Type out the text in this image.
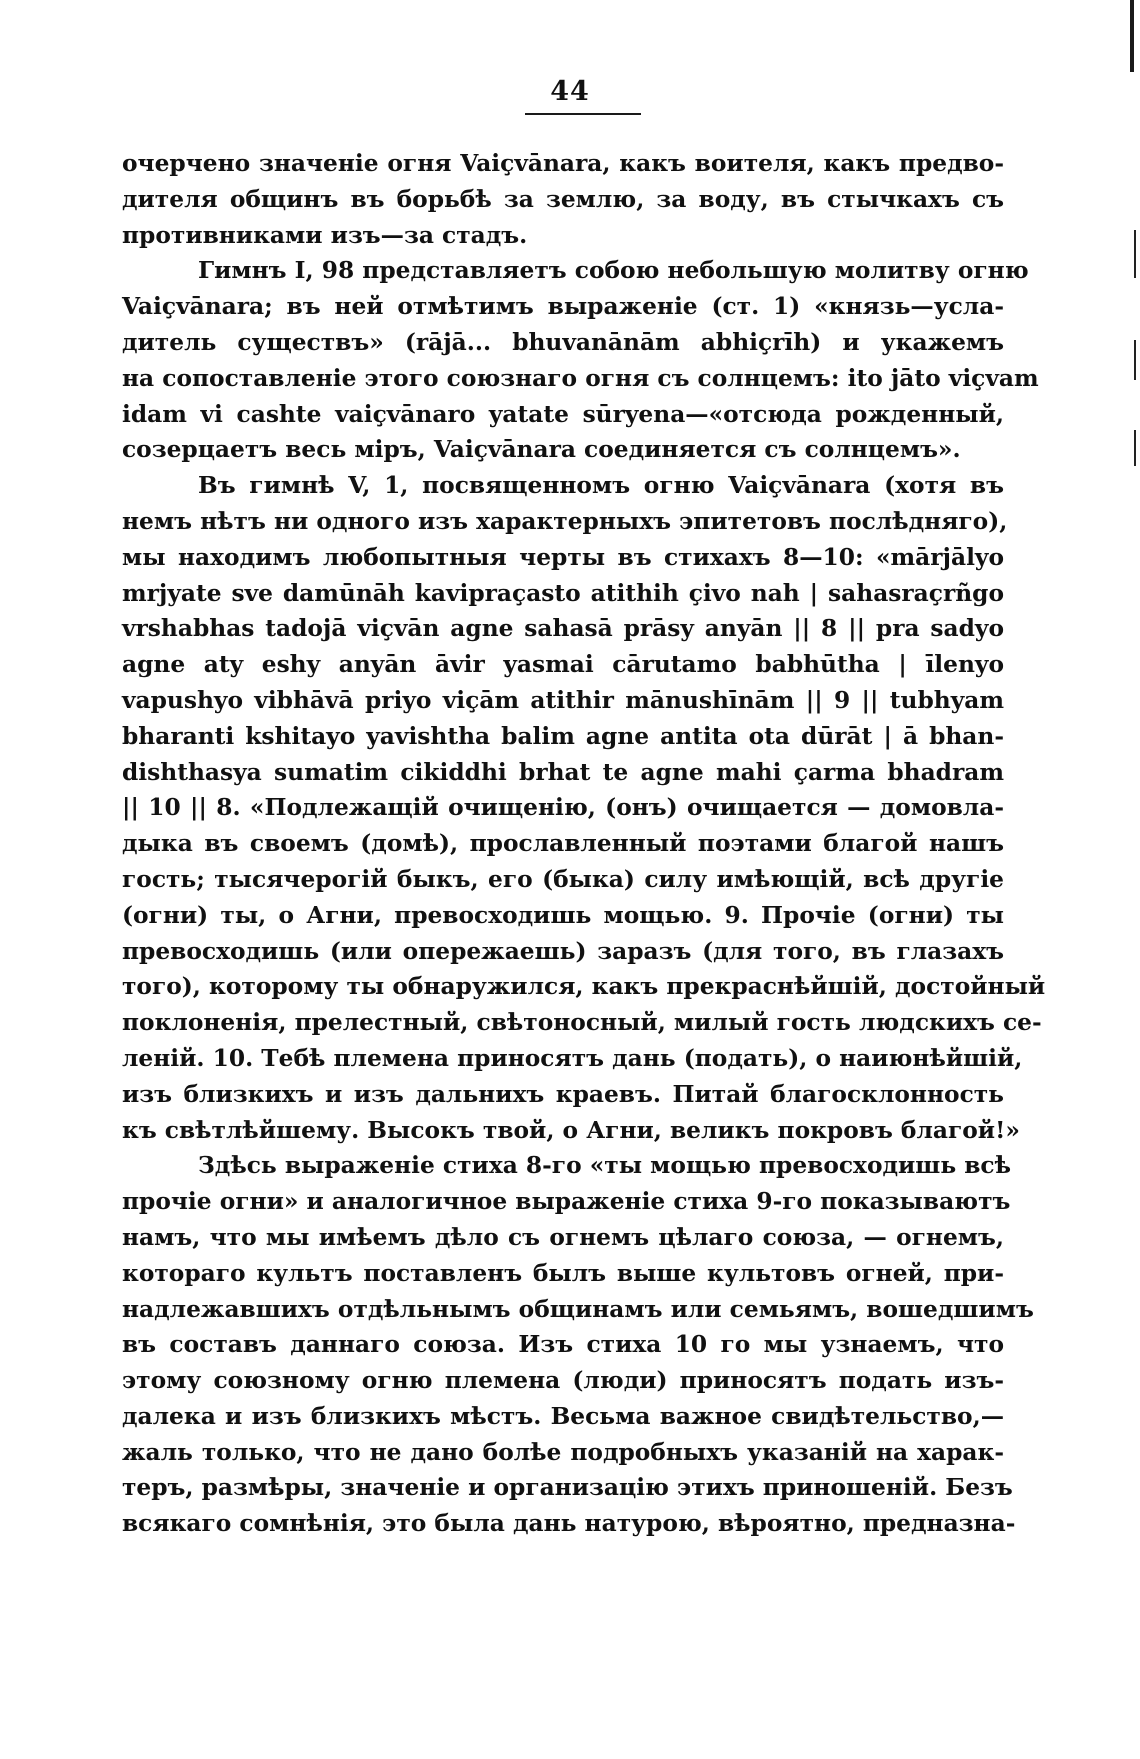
44
очерчено значеніе огня Vaiçvānara, какъ воителя, какъ предво-
дителя общинъ въ борьбѣ за землю, за воду, въ стычкахъ съ
противниками изъ—за стадъ.
Гимнъ I, 98 представляетъ собою небольшую молитву огню
Vaiçvānara; въ ней отмѣтимъ выраженіе (ст. 1) «князь—услa-
дитель существъ» (rājā... bhuvanānām abhiçrīh) и укажемъ
на сопоставленіе этого союзнаго огня съ солнцемъ: ito jāto viçvam
idam vi cashte vaiçvānaro yatate sūryena—«отсюда рожденный,
созерцаетъ весь міръ, Vaiçvānara соединяется съ солнцемъ».
Въ гимнѣ V, 1, посвященномъ огню Vaiçvānara (хотя въ
немъ нѣтъ ни одного изъ характерныхъ эпитетовъ послѣдняго),
мы находимъ любопытныя черты въ стихахъ 8—10: «mārjālyo
mrjyate sve damūnāh kavipraçasto atithih çivo nah | sahasraçrñgo
vrshabhas tadojā viçvān agne sahasā prāsy anyān || 8 || pra sadyo
agne aty eshy anyān āvir yasmai cārutamo babhūtha | īlenyo
vapushyo vibhāvā priyo viçām atithir mānushīnām || 9 || tubhyam
bharanti kshitayo yavishtha balim agne antita ota dūrāt | ā bhan-
dishthasya sumatim cikiddhi brhat te agne mahi çarma bhadram
|| 10 || 8. «Подлежащій очищенію, (онъ) очищается — домовла-
дыка въ своемъ (домѣ), прославленный поэтами благой нашъ
гость; тысячерогій быкъ, его (быка) силу имѣющій, всѣ другіе
(огни) ты, о Агни, превосходишь мощью. 9. Прочіе (огни) ты
превосходишь (или опережаешь) заразъ (для того, въ глазахъ
того), которому ты обнаружился, какъ прекраснѣйшій, достойный
поклоненія, прелестный, свѣтоносный, милый гость людскихъ се-
леній. 10. Тебѣ племена приносятъ дань (подать), о наиюнѣйшій,
изъ близкихъ и изъ дальнихъ краевъ. Питай благосклонность
къ свѣтлѣйшему. Высокъ твой, о Агни, великъ покровъ благой!»
Здѣсь выраженіе стиха 8-го «ты мощью превосходишь всѣ
прочіе огни» и аналогичное выраженіе стиха 9-го показываютъ
намъ, что мы имѣемъ дѣло съ огнемъ цѣлаго союза, — огнемъ,
котораго культъ поставленъ былъ выше культовъ огней, при-
надлежавшихъ отдѣльнымъ общинамъ или семьямъ, вошедшимъ
въ составъ даннаго союза. Изъ стиха 10 го мы узнаемъ, что
этому союзному огню племена (люди) приносятъ подать изъ-
далека и изъ близкихъ мѣстъ. Весьма важное свидѣтельство,—
жаль только, что не дано болѣе подробныхъ указаній на харак-
теръ, размѣры, значеніе и организацію этихъ приношеній. Безъ
всякаго сомнѣнія, это была дань натурою, вѣроятно, предназна-
